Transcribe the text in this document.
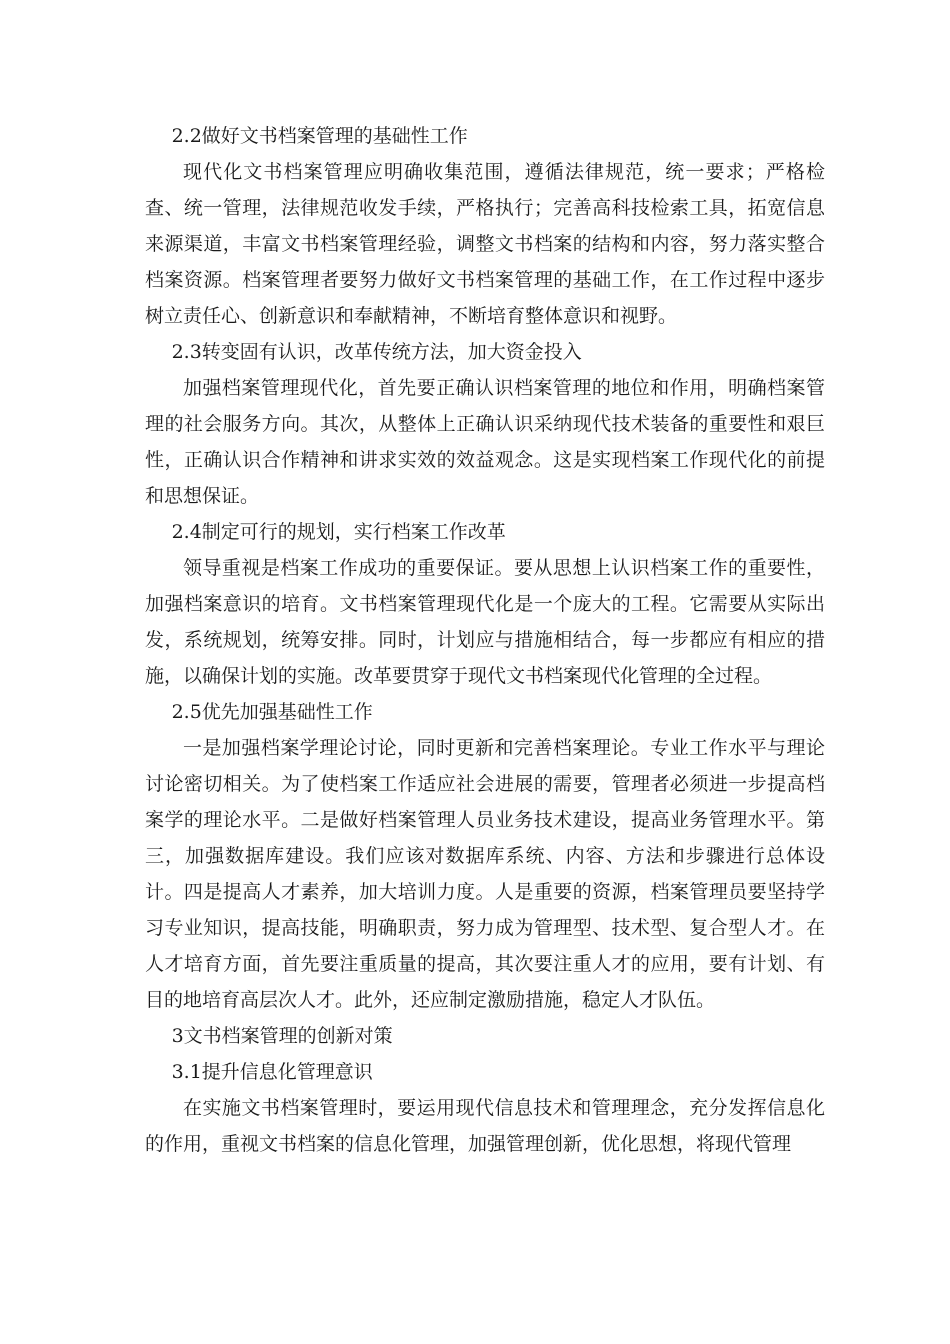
2.2做好文书档案管理的基础性工作

现代化文书档案管理应明确收集范围，遵循法律规范，统一要求；严格检查、统一管理，法律规范收发手续，严格执行；完善高科技检索工具，拓宽信息来源渠道，丰富文书档案管理经验，调整文书档案的结构和内容，努力落实整合档案资源。档案管理者要努力做好文书档案管理的基础工作，在工作过程中逐步树立责任心、创新意识和奉献精神，不断培育整体意识和视野。

2.3转变固有认识，改革传统方法，加大资金投入

加强档案管理现代化，首先要正确认识档案管理的地位和作用，明确档案管理的社会服务方向。其次，从整体上正确认识采纳现代技术装备的重要性和艰巨性，正确认识合作精神和讲求实效的效益观念。这是实现档案工作现代化的前提和思想保证。

2.4制定可行的规划，实行档案工作改革

领导重视是档案工作成功的重要保证。要从思想上认识档案工作的重要性，加强档案意识的培育。文书档案管理现代化是一个庞大的工程。它需要从实际出发，系统规划，统筹安排。同时，计划应与措施相结合，每一步都应有相应的措施，以确保计划的实施。改革要贯穿于现代文书档案现代化管理的全过程。

2.5优先加强基础性工作

一是加强档案学理论讨论，同时更新和完善档案理论。专业工作水平与理论讨论密切相关。为了使档案工作适应社会进展的需要，管理者必须进一步提高档案学的理论水平。二是做好档案管理人员业务技术建设，提高业务管理水平。第三，加强数据库建设。我们应该对数据库系统、内容、方法和步骤进行总体设计。四是提高人才素养，加大培训力度。人是重要的资源，档案管理员要坚持学习专业知识，提高技能，明确职责，努力成为管理型、技术型、复合型人才。在人才培育方面，首先要注重质量的提高，其次要注重人才的应用，要有计划、有目的地培育高层次人才。此外，还应制定激励措施，稳定人才队伍。

3文书档案管理的创新对策

3.1提升信息化管理意识

在实施文书档案管理时，要运用现代信息技术和管理理念，充分发挥信息化的作用，重视文书档案的信息化管理，加强管理创新，优化思想，将现代管理
